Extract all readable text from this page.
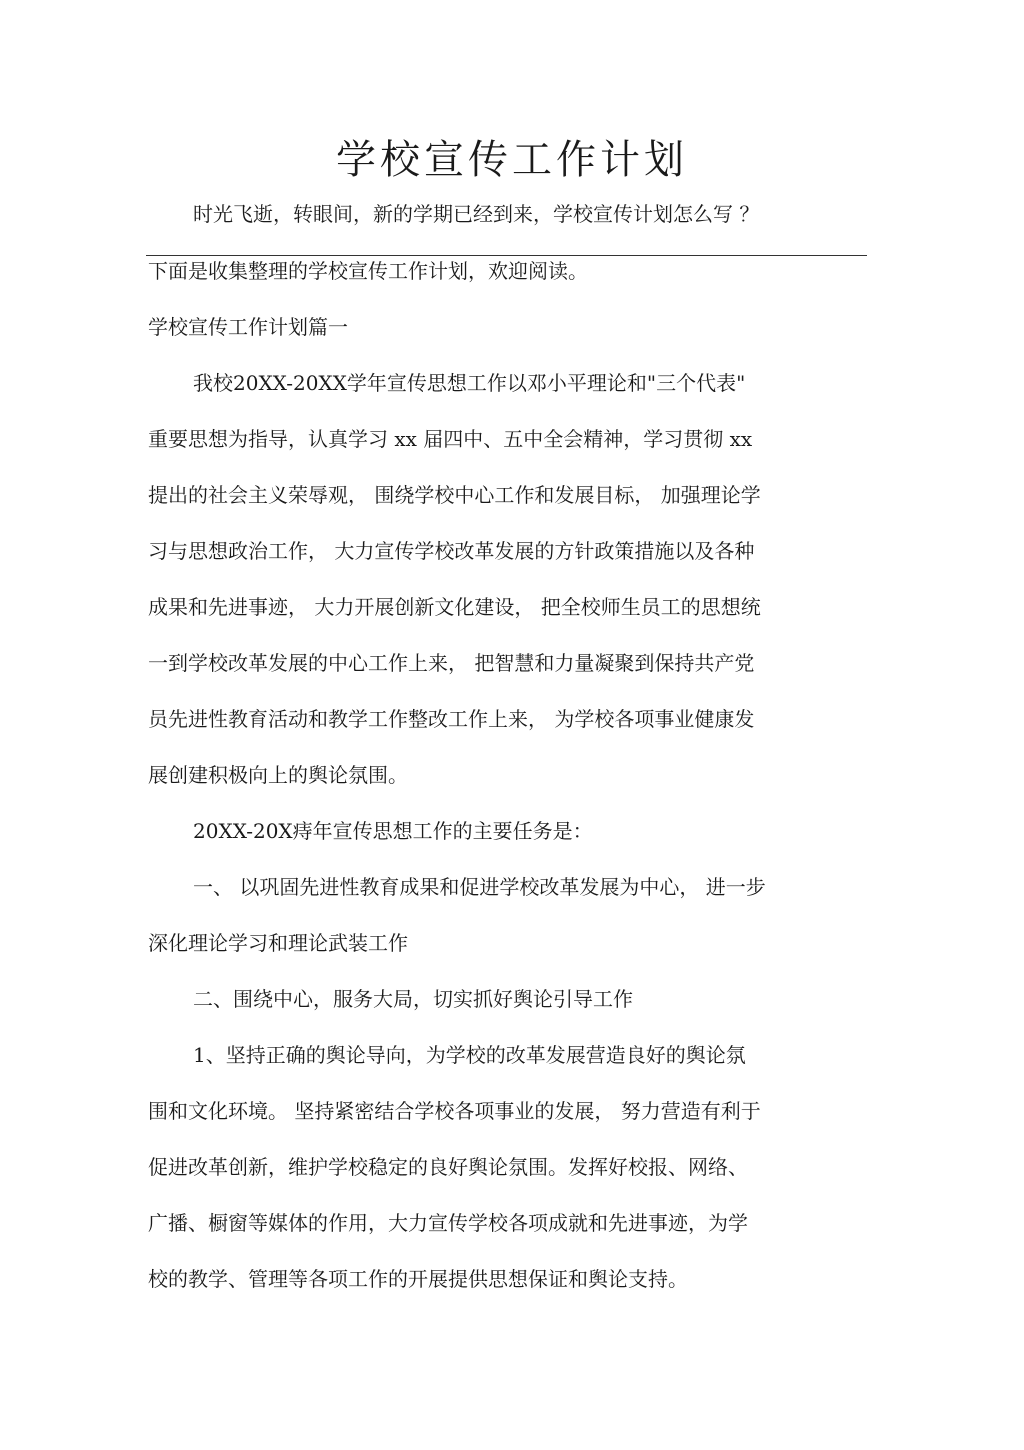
学校宣传工作计划

时光飞逝，转眼间，新的学期已经到来，学校宣传计划怎么写 ？

下面是收集整理的学校宣传工作计划，欢迎阅读。

学校宣传工作计划篇一

我校20XX-20XX学年宣传思想工作以邓小平理论和"三个代表"

重要思想为指导，认真学习 xx 届四中、五中全会精神，学习贯彻 xx

提出的社会主义荣辱观， 围绕学校中心工作和发展目标， 加强理论学

习与思想政治工作， 大力宣传学校改革发展的方针政策措施以及各种

成果和先进事迹， 大力开展创新文化建设， 把全校师生员工的思想统

一到学校改革发展的中心工作上来， 把智慧和力量凝聚到保持共产党

员先进性教育活动和教学工作整改工作上来， 为学校各项事业健康发

展创建积极向上的舆论氛围。

20XX-20X痔年宣传思想工作的主要任务是：

一、 以巩固先进性教育成果和促进学校改革发展为中心， 进一步

深化理论学习和理论武装工作

二、围绕中心，服务大局，切实抓好舆论引导工作

1、坚持正确的舆论导向，为学校的改革发展营造良好的舆论氛

围和文化环境。 坚持紧密结合学校各项事业的发展， 努力营造有利于

促进改革创新，维护学校稳定的良好舆论氛围。发挥好校报、网络、

广播、橱窗等媒体的作用，大力宣传学校各项成就和先进事迹，为学

校的教学、管理等各项工作的开展提供思想保证和舆论支持。
